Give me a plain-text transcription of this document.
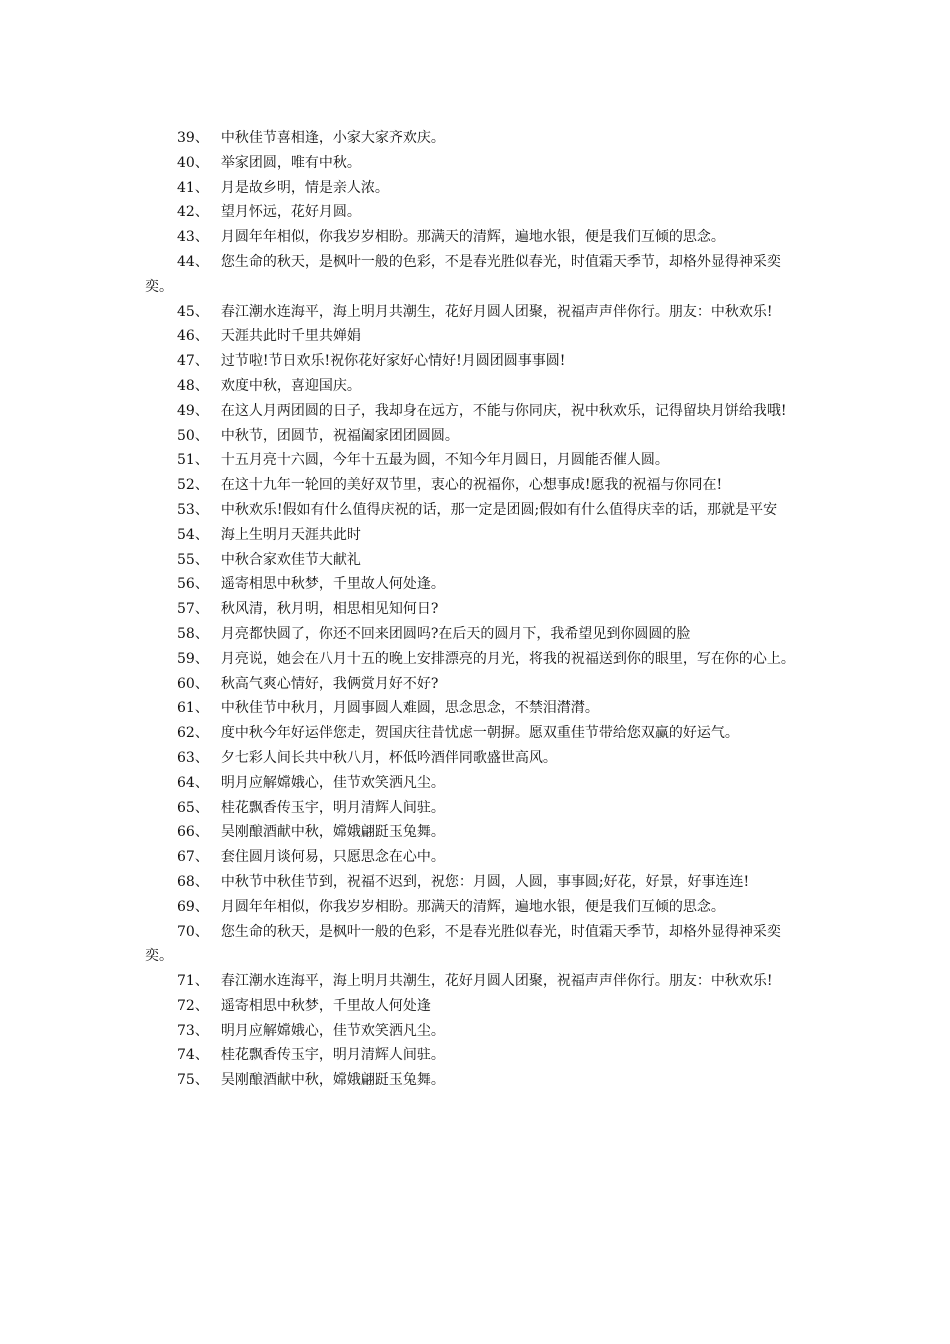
39、 中秋佳节喜相逢，小家大家齐欢庆。

40、 举家团圆，唯有中秋。

41、 月是故乡明，情是亲人浓。

42、 望月怀远，花好月圆。

43、 月圆年年相似，你我岁岁相盼。那满天的清辉，遍地水银，便是我们互倾的思念。

44、 您生命的秋天，是枫叶一般的色彩，不是春光胜似春光，时值霜天季节，却格外显得神采奕奕。

45、 春江潮水连海平，海上明月共潮生，花好月圆人团聚，祝福声声伴你行。朋友：中秋欢乐!

46、 天涯共此时千里共婵娟

47、 过节啦!节日欢乐!祝你花好家好心情好!月圆团圆事事圆!

48、 欢度中秋，喜迎国庆。

49、 在这人月两团圆的日子，我却身在远方，不能与你同庆，祝中秋欢乐，记得留块月饼给我哦!

50、 中秋节，团圆节，祝福阖家团团圆圆。

51、 十五月亮十六圆，今年十五最为圆，不知今年月圆日，月圆能否催人圆。

52、 在这十九年一轮回的美好双节里，衷心的祝福你，心想事成!愿我的祝福与你同在!

53、 中秋欢乐!假如有什么值得庆祝的话，那一定是团圆;假如有什么值得庆幸的话，那就是平安

54、 海上生明月天涯共此时

55、 中秋合家欢佳节大献礼

56、 遥寄相思中秋梦，千里故人何处逢。

57、 秋风清，秋月明，相思相见知何日?

58、 月亮都快圆了，你还不回来团圆吗?在后天的圆月下，我希望见到你圆圆的脸

59、 月亮说，她会在八月十五的晚上安排漂亮的月光，将我的祝福送到你的眼里，写在你的心上。

60、 秋高气爽心情好，我俩赏月好不好?

61、 中秋佳节中秋月，月圆事圆人难圆，思念思念，不禁泪潸潸。

62、 度中秋今年好运伴您走，贺国庆往昔忧虑一朝摒。愿双重佳节带给您双赢的好运气。

63、 夕七彩人间长共中秋八月，杯低吟酒伴同歌盛世高风。

64、 明月应解嫦娥心，佳节欢笑洒凡尘。

65、 桂花飘香传玉宇，明月清辉人间驻。

66、 吴刚酿酒献中秋，嫦娥翩跹玉兔舞。

67、 套住圆月谈何易，只愿思念在心中。

68、 中秋节中秋佳节到，祝福不迟到，祝您：月圆，人圆，事事圆;好花，好景，好事连连!

69、 月圆年年相似，你我岁岁相盼。那满天的清辉，遍地水银，便是我们互倾的思念。

70、 您生命的秋天，是枫叶一般的色彩，不是春光胜似春光，时值霜天季节，却格外显得神采奕奕。

71、 春江潮水连海平，海上明月共潮生，花好月圆人团聚，祝福声声伴你行。朋友：中秋欢乐!

72、 遥寄相思中秋梦，千里故人何处逢

73、 明月应解嫦娥心，佳节欢笑洒凡尘。

74、 桂花飘香传玉宇，明月清辉人间驻。

75、 吴刚酿酒献中秋，嫦娥翩跹玉兔舞。
